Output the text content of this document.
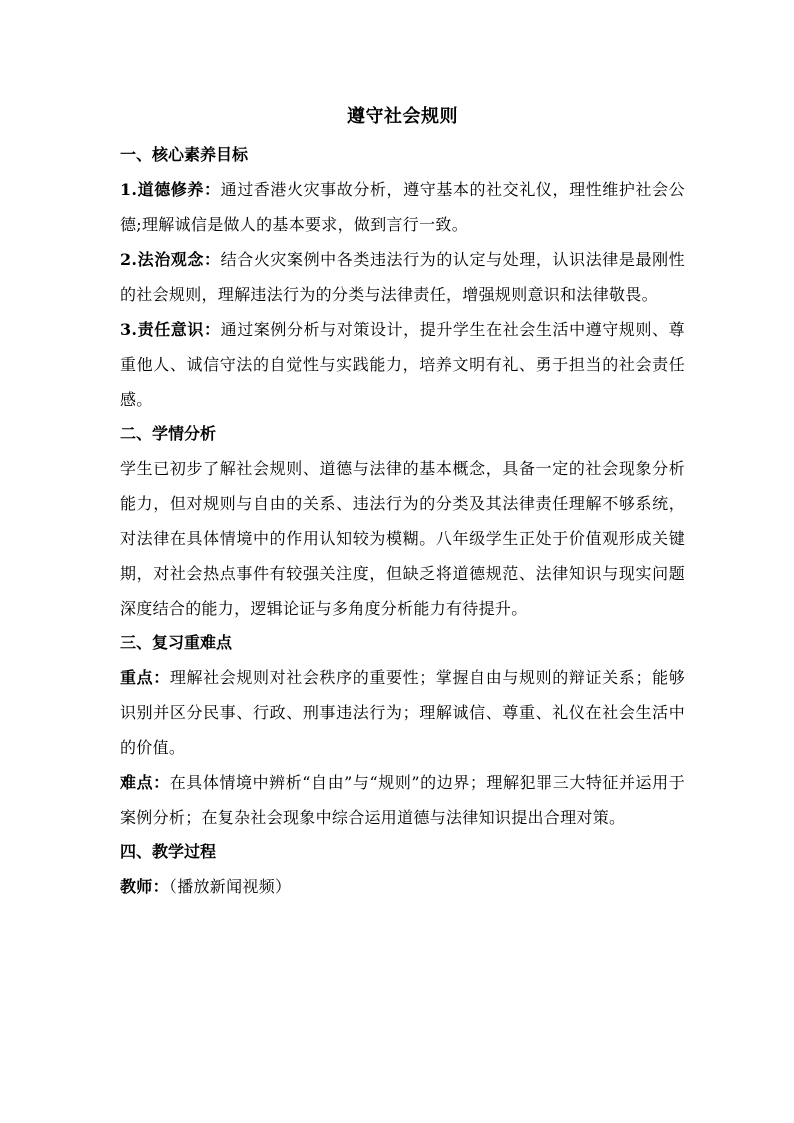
遵守社会规则
一、核心素养目标

1.道德修养：通过香港火灾事故分析，遵守基本的社交礼仪，理性维护社会公德;理解诚信是做人的基本要求，做到言行一致。

2.法治观念：结合火灾案例中各类违法行为的认定与处理，认识法律是最刚性的社会规则，理解违法行为的分类与法律责任，增强规则意识和法律敬畏。

3.责任意识：通过案例分析与对策设计，提升学生在社会生活中遵守规则、尊重他人、诚信守法的自觉性与实践能力，培养文明有礼、勇于担当的社会责任感。

二、学情分析

学生已初步了解社会规则、道德与法律的基本概念，具备一定的社会现象分析能力，但对规则与自由的关系、违法行为的分类及其法律责任理解不够系统，对法律在具体情境中的作用认知较为模糊。八年级学生正处于价值观形成关键期，对社会热点事件有较强关注度，但缺乏将道德规范、法律知识与现实问题深度结合的能力，逻辑论证与多角度分析能力有待提升。

三、复习重难点

重点：理解社会规则对社会秩序的重要性；掌握自由与规则的辩证关系；能够识别并区分民事、行政、刑事违法行为；理解诚信、尊重、礼仪在社会生活中的价值。

难点：在具体情境中辨析“自由”与“规则”的边界；理解犯罪三大特征并运用于案例分析；在复杂社会现象中综合运用道德与法律知识提出合理对策。

四、教学过程

教师：（播放新闻视频）
